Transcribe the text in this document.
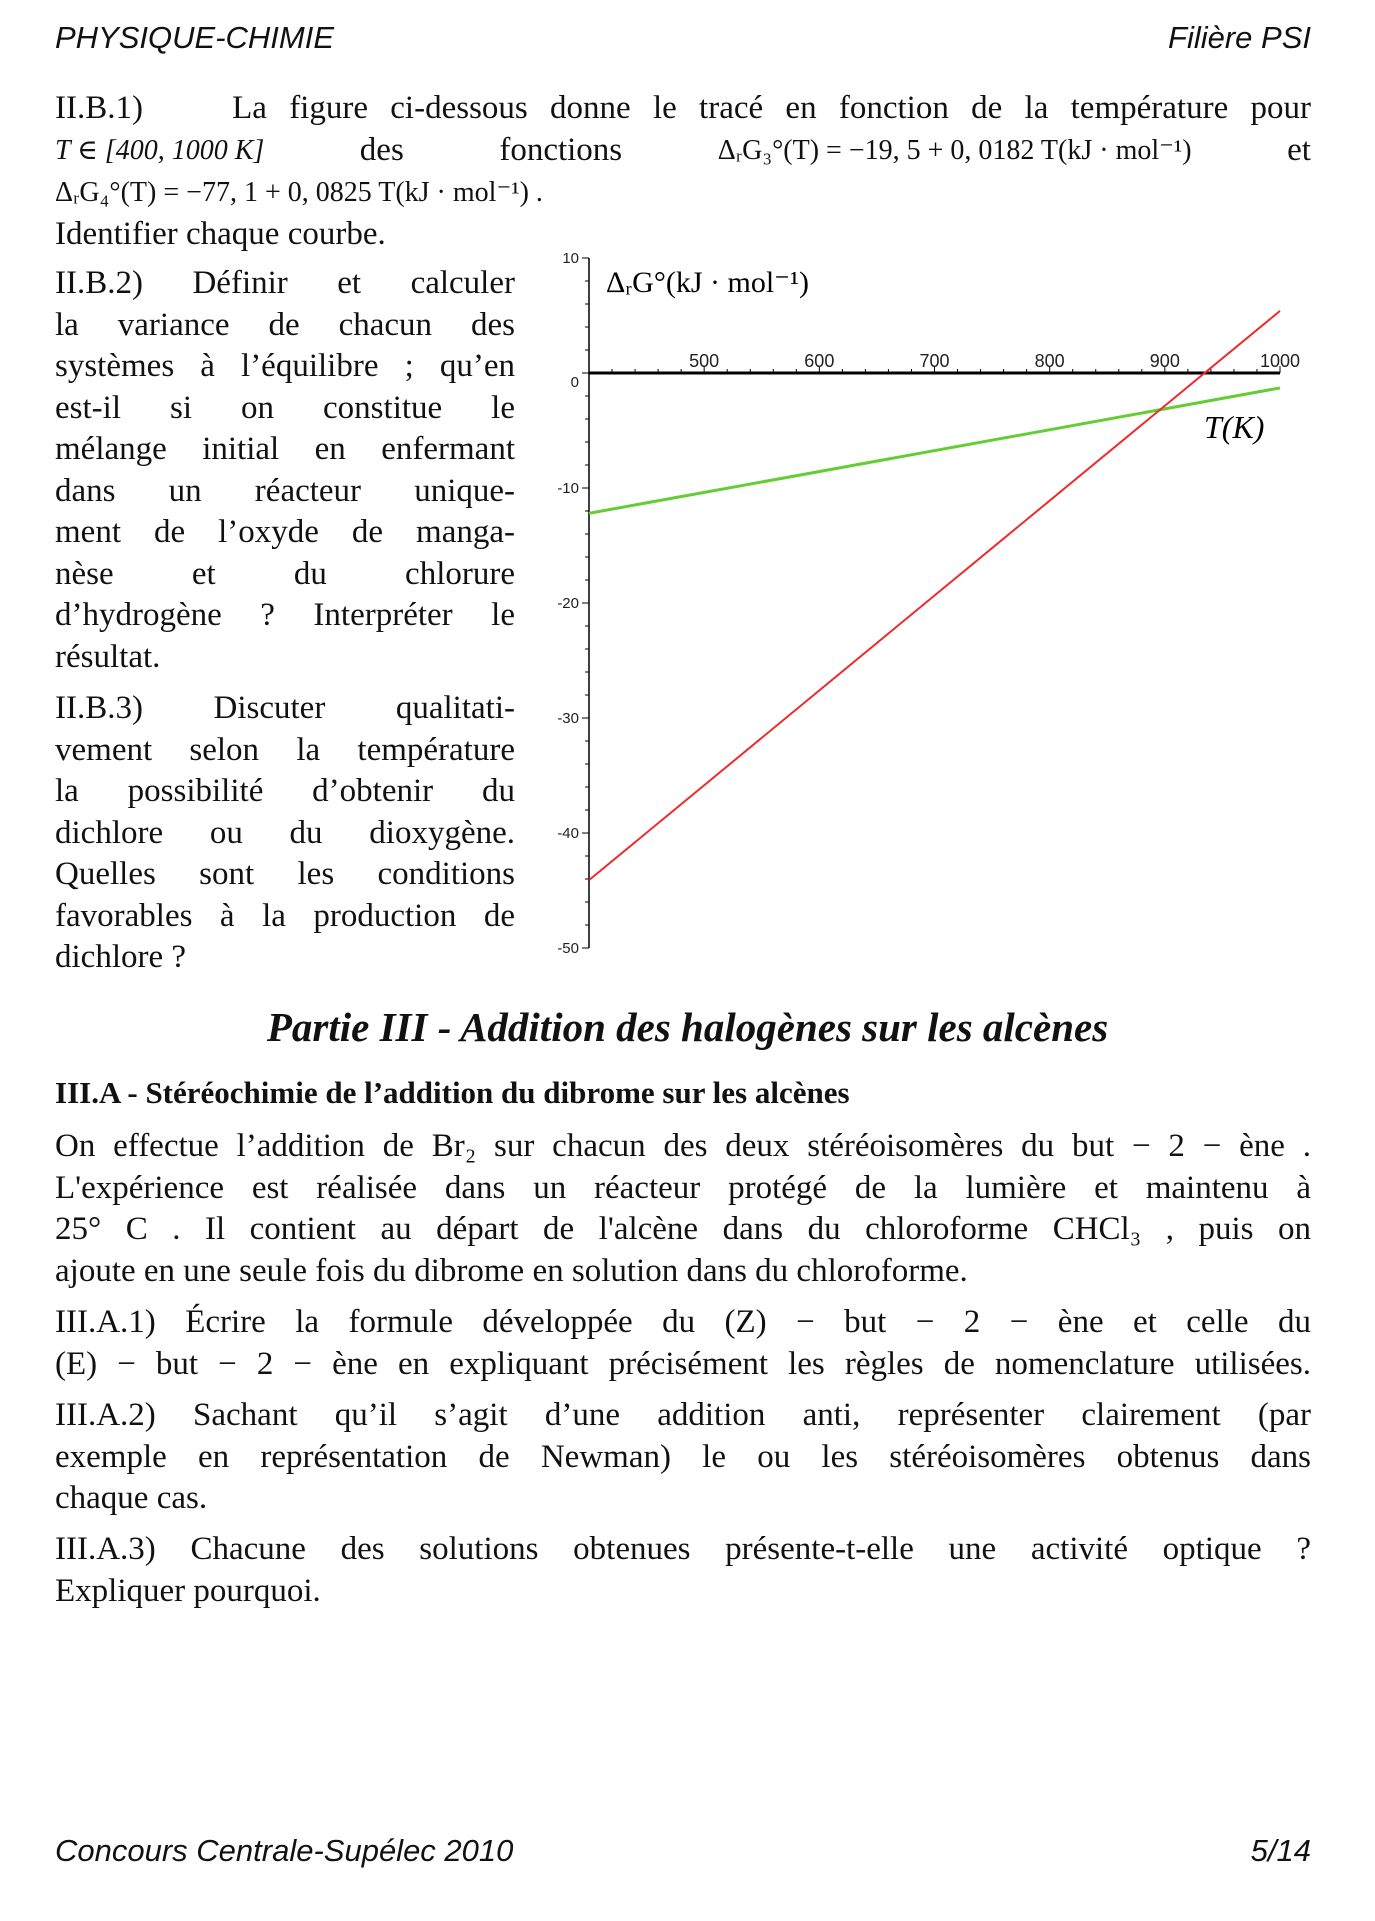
PHYSIQUE-CHIMIE	Filière PSI
II.B.1)	La figure ci-dessous donne le tracé en fonction de la température pour
T ∈ [400, 1000 K]	des	fonctions	ΔᵣG₃°(T) = −19, 5 + 0, 0182 T(kJ · mol⁻¹)	et
ΔᵣG₄°(T) = −77, 1 + 0, 0825 T(kJ · mol⁻¹) .
Identifier chaque courbe.
II.B.2) Définir et calculer
la variance de chacun des
systèmes à l’équilibre ; qu’en
est-il si on constitue le
mélange initial en enfermant
dans un réacteur unique-
ment de l’oxyde de manga-
nèse et du chlorure
d’hydrogène ? Interpréter le
résultat.
II.B.3) Discuter qualitati-
vement selon la température
la possibilité d’obtenir du
dichlore ou du dioxygène.
Quelles sont les conditions
favorables à la production de
dichlore ?
ΔᵣG°(kJ · mol⁻¹)
T(K)
10
0
-10
-20
-30
-40
-50
500	600	700	800	900	1000
Partie III - Addition des halogènes sur les alcènes
III.A - Stéréochimie de l’addition du dibrome sur les alcènes
On effectue l’addition de Br₂ sur chacun des deux stéréoisomères du but − 2 − ène .
L'expérience est réalisée dans un réacteur protégé de la lumière et maintenu à
25° C . Il contient au départ de l'alcène dans du chloroforme CHCl₃ , puis on
ajoute en une seule fois du dibrome en solution dans du chloroforme.
III.A.1) Écrire la formule développée du (Z) − but − 2 − ène et celle du
(E) − but − 2 − ène en expliquant précisément les règles de nomenclature utilisées.
III.A.2) Sachant qu’il s’agit d’une addition anti, représenter clairement (par
exemple en représentation de Newman) le ou les stéréoisomères obtenus dans
chaque cas.
III.A.3) Chacune des solutions obtenues présente-t-elle une activité optique ?
Expliquer pourquoi.
Concours Centrale-Supélec 2010	5/14
